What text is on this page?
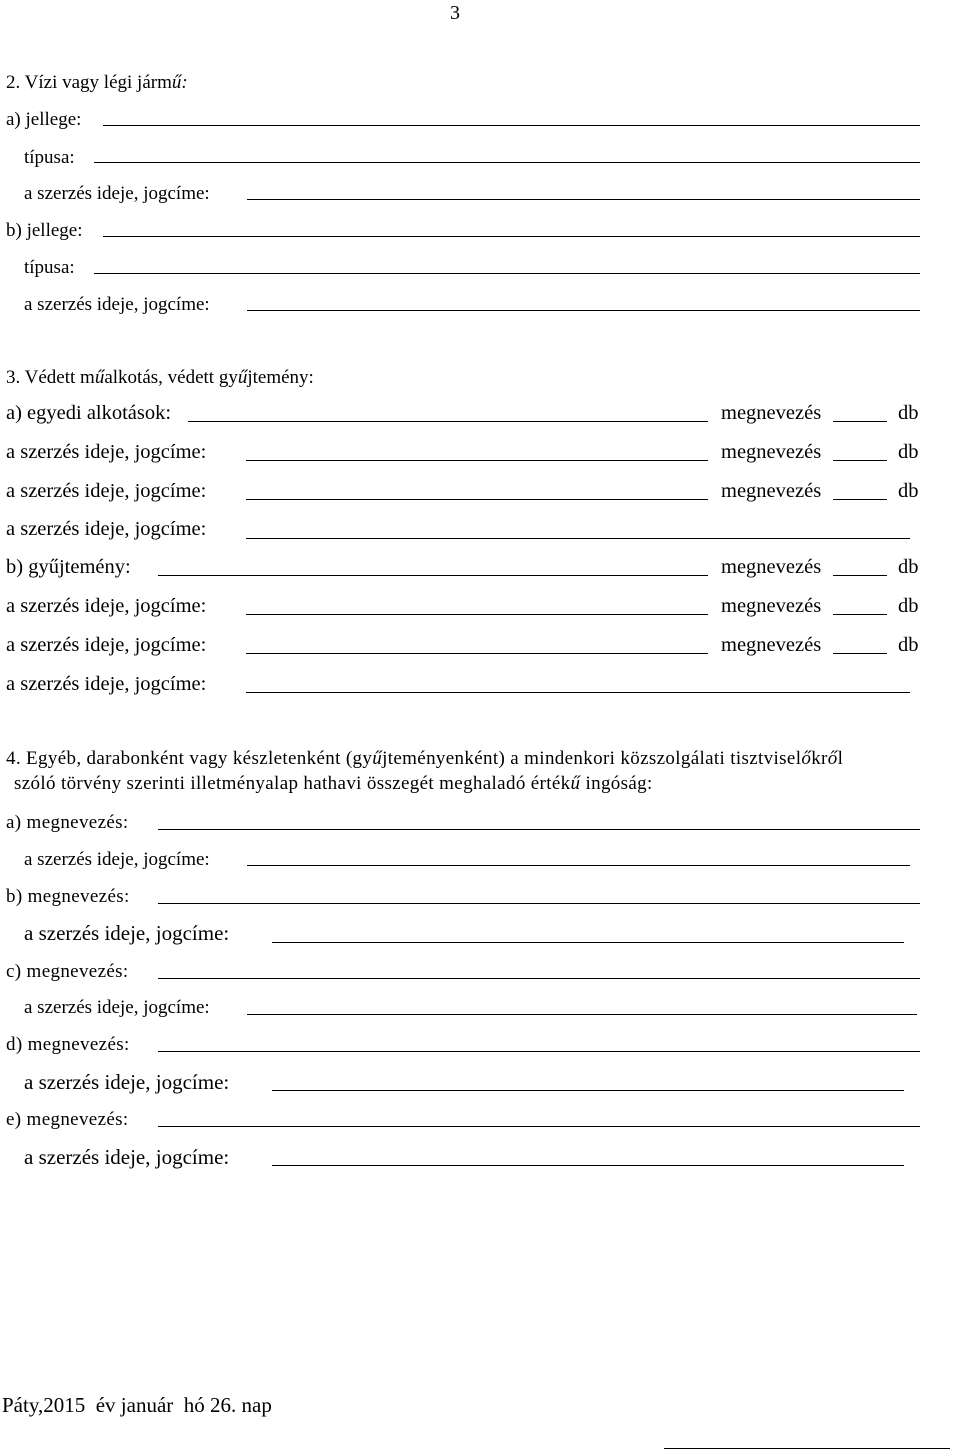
3
2. Vízi vagy légi jármű:
a) jellege:
típusa:
a szerzés ideje, jogcíme:
b) jellege:
típusa:
a szerzés ideje, jogcíme:
3. Védett műalkotás, védett gyűjtemény:
a) egyedi alkotások:	megnevezés	db
a szerzés ideje, jogcíme:	megnevezés	db
a szerzés ideje, jogcíme:	megnevezés	db
a szerzés ideje, jogcíme:
b) gyűjtemény:	megnevezés	db
a szerzés ideje, jogcíme:	megnevezés	db
a szerzés ideje, jogcíme:	megnevezés	db
a szerzés ideje, jogcíme:
4. Egyéb, darabonként vagy készletenként (gyűjteményenként) a mindenkori közszolgálati tisztviselőkről
szóló törvény szerinti illetményalap hathavi összegét meghaladó értékű ingóság:
a) megnevezés:
a szerzés ideje, jogcíme:
b) megnevezés:
a szerzés ideje, jogcíme:
c) megnevezés:
a szerzés ideje, jogcíme:
d) megnevezés:
a szerzés ideje, jogcíme:
e) megnevezés:
a szerzés ideje, jogcíme:
Páty,2015  év január  hó 26. nap
